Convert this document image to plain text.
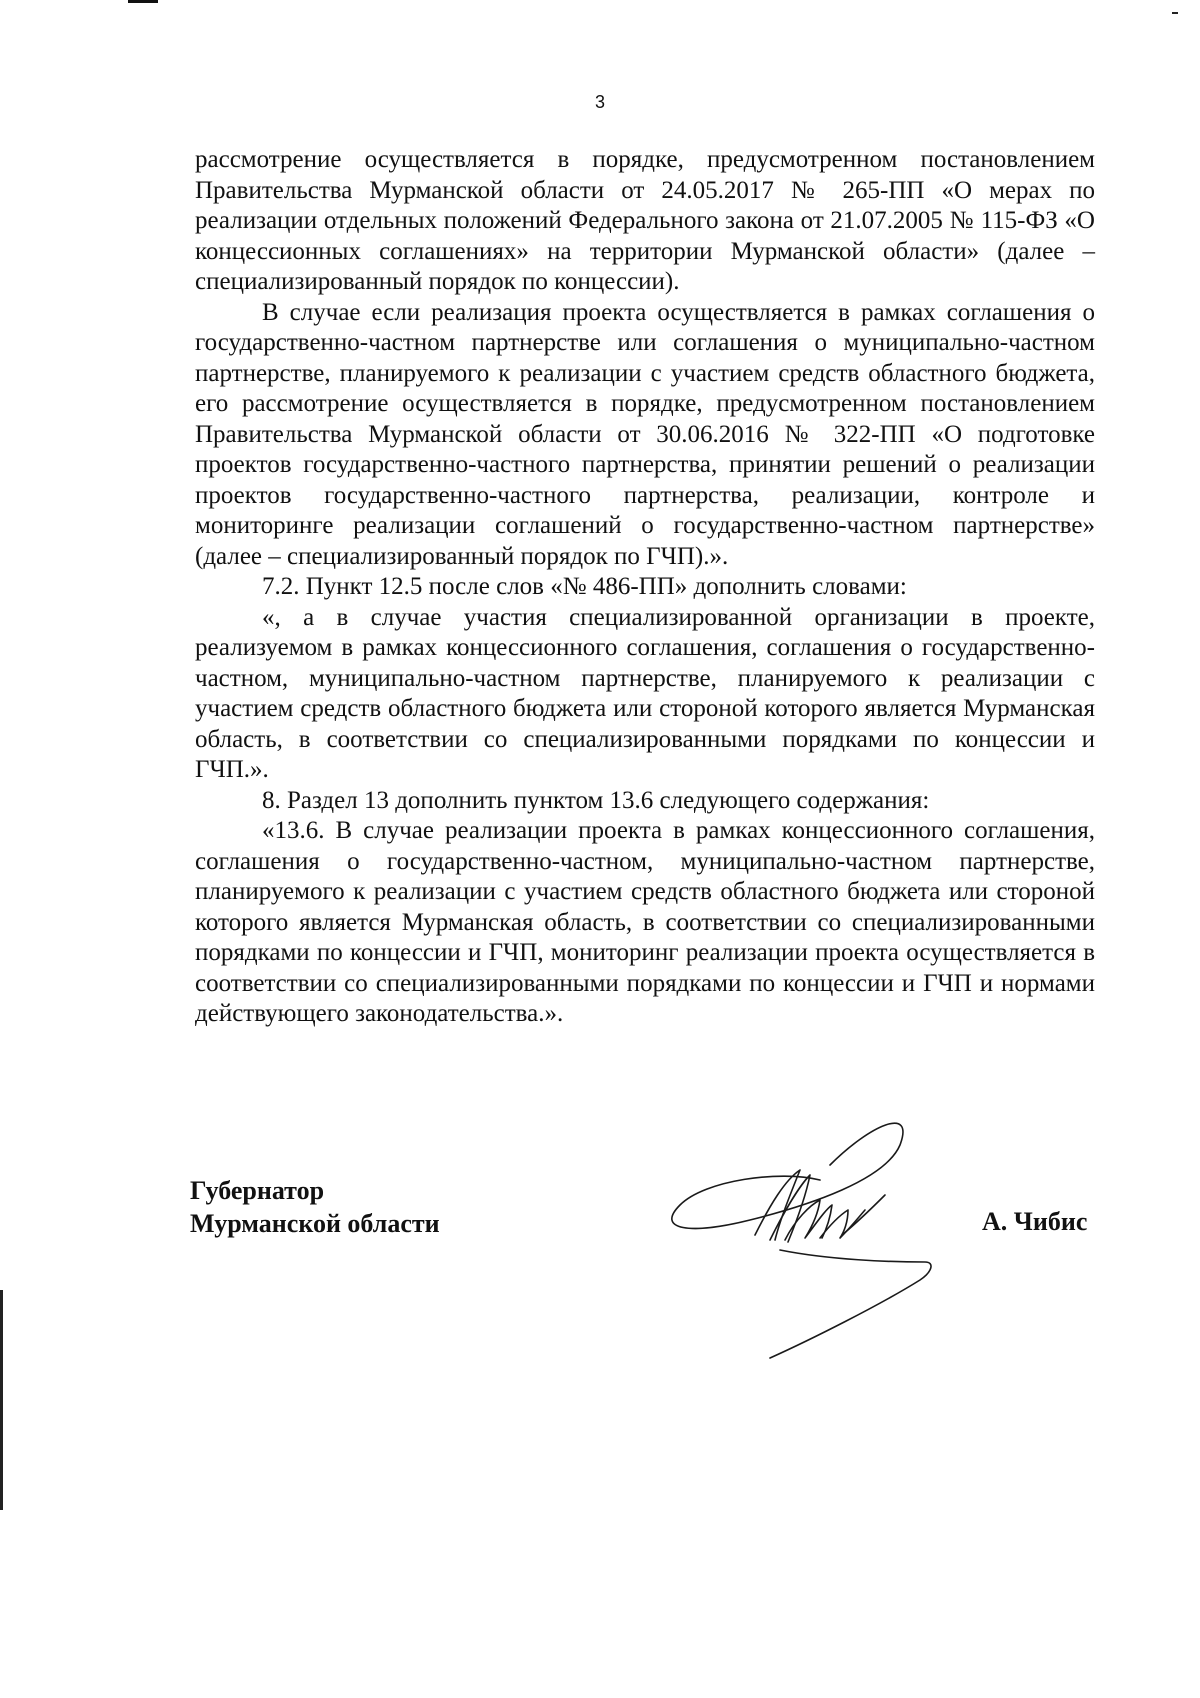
3

рассмотрение осуществляется в порядке, предусмотренном постановлением Правительства Мурманской области от 24.05.2017 № 265-ПП «О мерах по реализации отдельных положений Федерального закона от 21.07.2005 № 115-ФЗ «О концессионных соглашениях» на территории Мурманской области» (далее – специализированный порядок по концессии).

В случае если реализация проекта осуществляется в рамках соглашения о государственно-частном партнерстве или соглашения о муниципально-частном партнерстве, планируемого к реализации с участием средств областного бюджета, его рассмотрение осуществляется в порядке, предусмотренном постановлением Правительства Мурманской области от 30.06.2016 № 322-ПП «О подготовке проектов государственно-частного партнерства, принятии решений о реализации проектов государственно-частного партнерства, реализации, контроле и мониторинге реализации соглашений о государственно-частном партнерстве» (далее – специализированный порядок по ГЧП).».

7.2. Пункт 12.5 после слов «№ 486-ПП» дополнить словами:

«, а в случае участия специализированной организации в проекте, реализуемом в рамках концессионного соглашения, соглашения о государственно-частном, муниципально-частном партнерстве, планируемого к реализации с участием средств областного бюджета или стороной которого является Мурманская область, в соответствии со специализированными порядками по концессии и ГЧП.».

8. Раздел 13 дополнить пунктом 13.6 следующего содержания:

«13.6. В случае реализации проекта в рамках концессионного соглашения, соглашения о государственно-частном, муниципально-частном партнерстве, планируемого к реализации с участием средств областного бюджета или стороной которого является Мурманская область, в соответствии со специализированными порядками по концессии и ГЧП, мониторинг реализации проекта осуществляется в соответствии со специализированными порядками по концессии и ГЧП и нормами действующего законодательства.».

Губернатор
Мурманской области	А. Чибис
